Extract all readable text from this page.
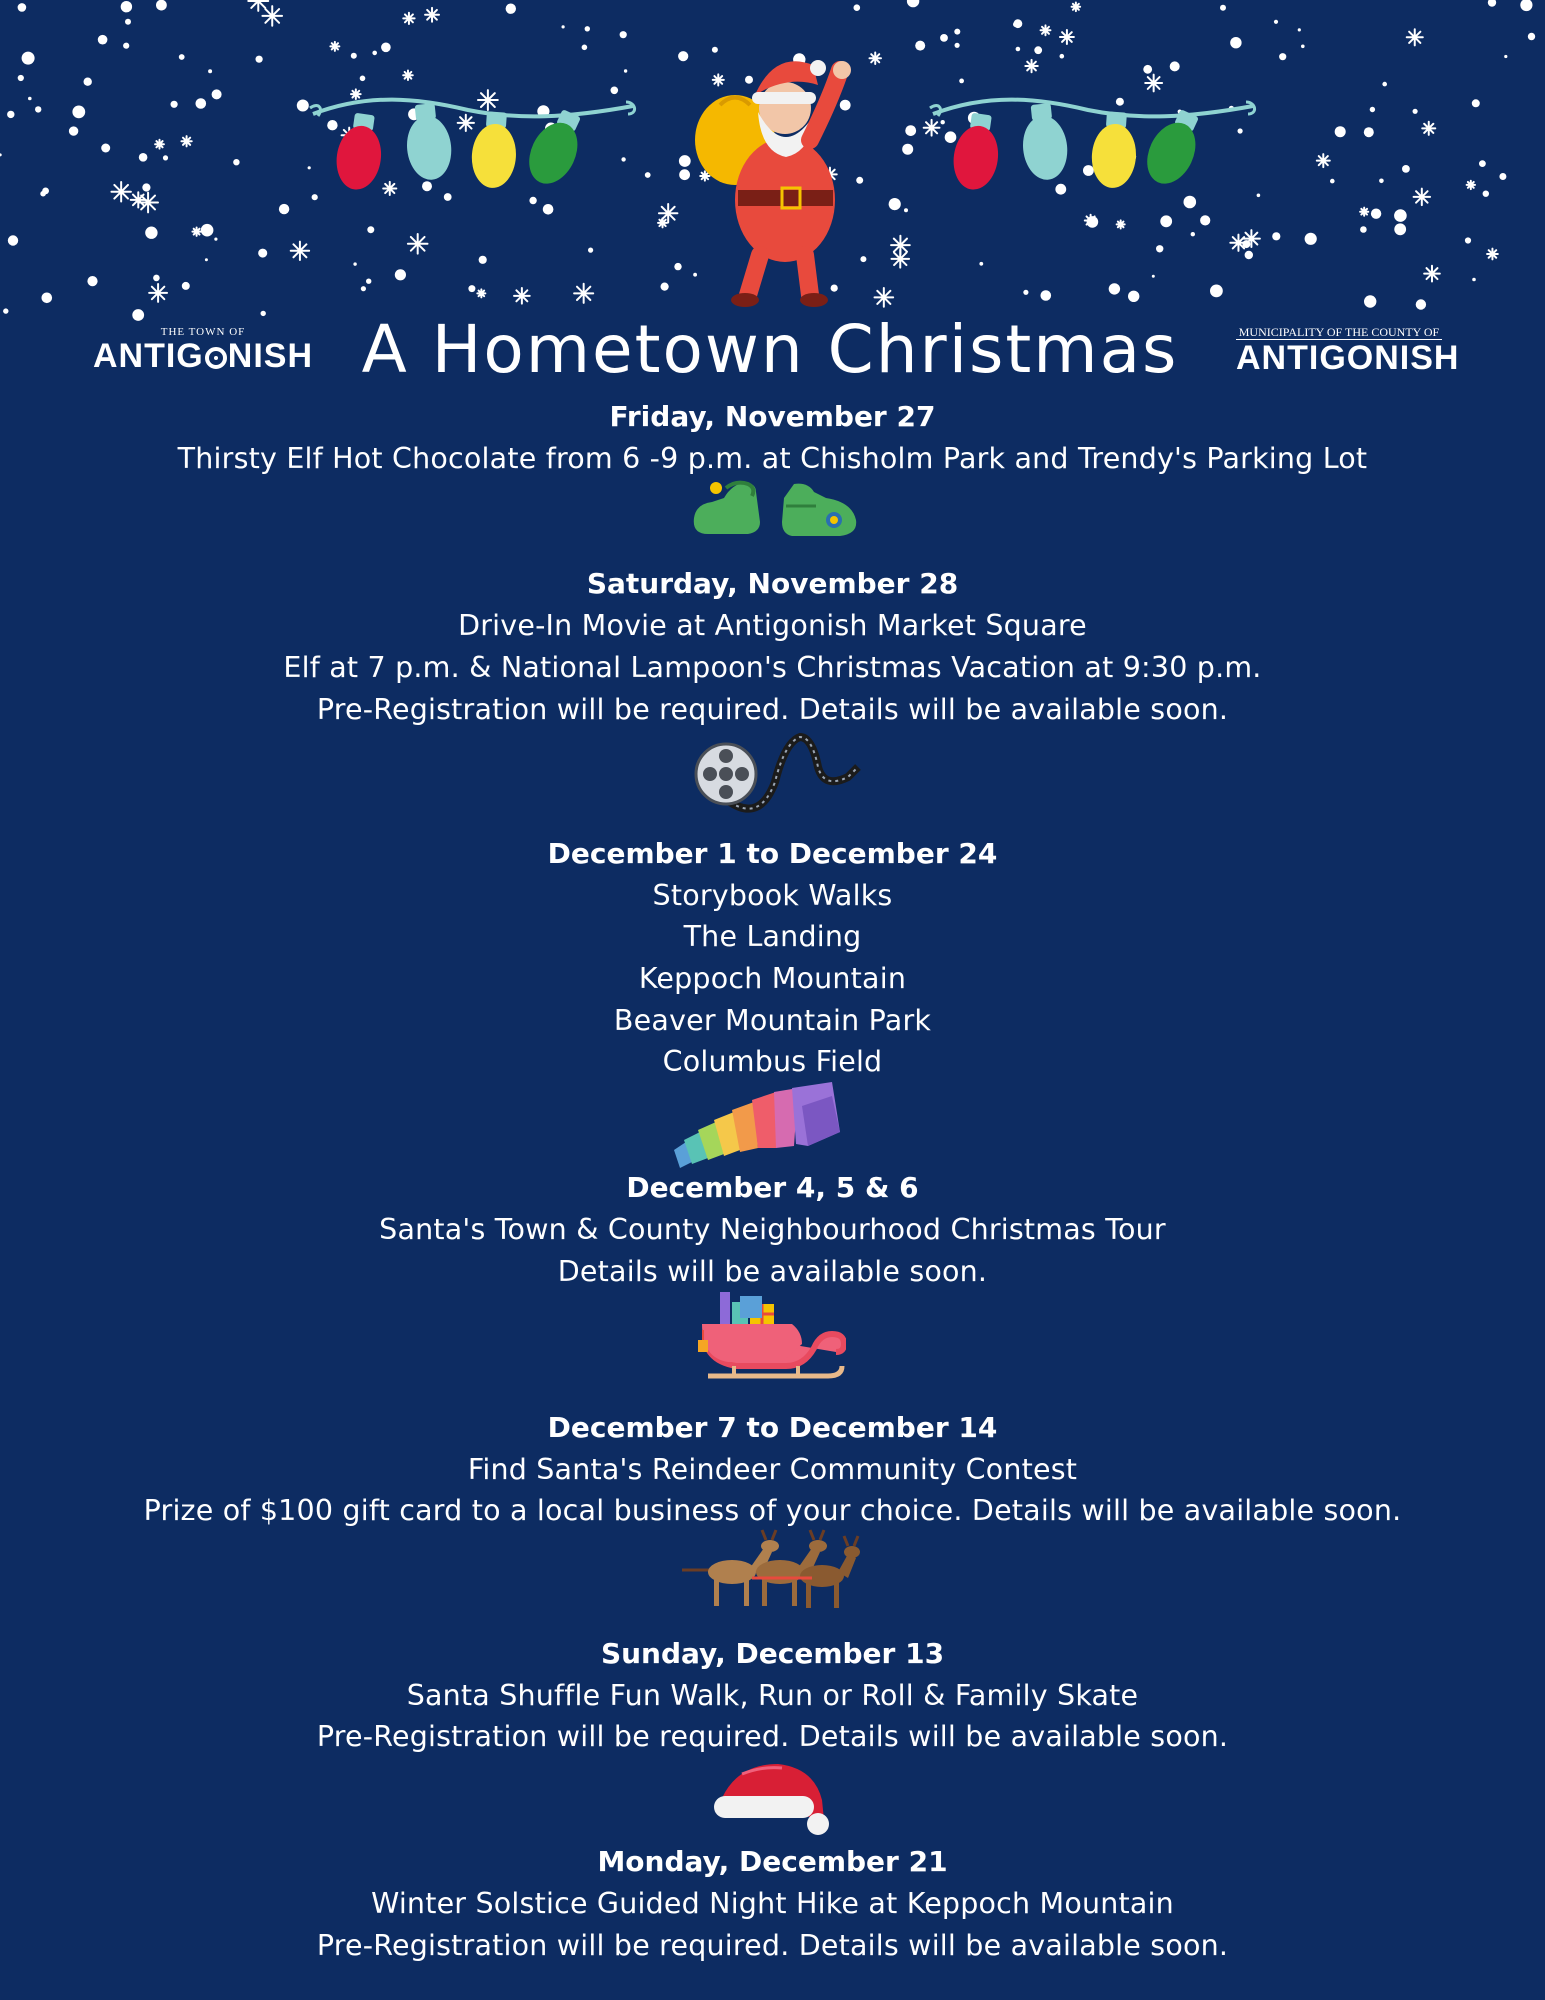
THE TOWN OF
ANTIG NISH A Hometown Christmas	MUNICIPALITY OF THE COUNTY OF
ANTIGONISH
Friday, November 27
Thirsty Elf Hot Chocolate from 6 -9 p.m. at Chisholm Park and Trendy's Parking Lot
Saturday, November 28
Drive-In Movie at Antigonish Market Square
Elf at 7 p.m. & National Lampoon's Christmas Vacation at 9:30 p.m.
Pre-Registration will be required. Details will be available soon.
December 1 to December 24
Storybook Walks
The Landing
Keppoch Mountain
Beaver Mountain Park
Columbus Field
December 4, 5 & 6
Santa's Town & County Neighbourhood Christmas Tour
Details will be available soon.
December 7 to December 14
Find Santa's Reindeer Community Contest
Prize of $100 gift card to a local business of your choice. Details will be available soon.
Sunday, December 13
Santa Shuffle Fun Walk, Run or Roll & Family Skate
Pre-Registration will be required. Details will be available soon.
Monday, December 21
Winter Solstice Guided Night Hike at Keppoch Mountain
Pre-Registration will be required. Details will be available soon.
